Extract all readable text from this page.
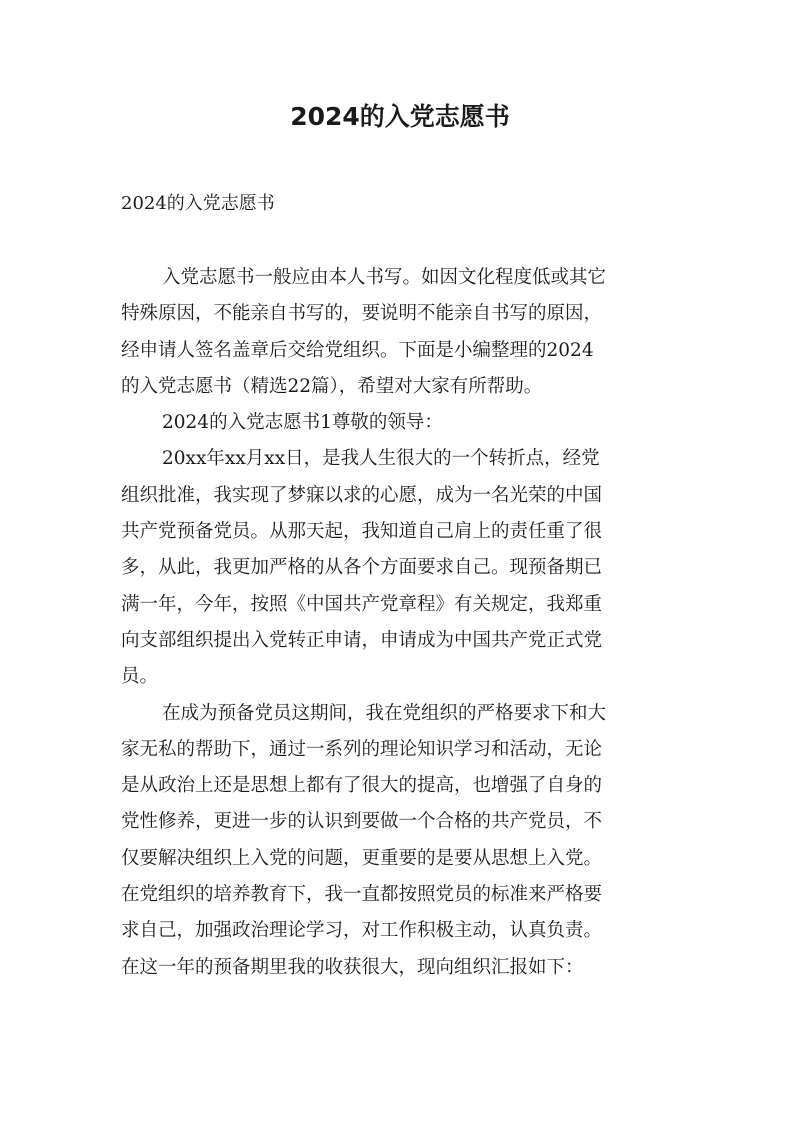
2024的入党志愿书

2024的入党志愿书

入党志愿书一般应由本人书写。如因文化程度低或其它

特殊原因，不能亲自书写的，要说明不能亲自书写的原因，

经申请人签名盖章后交给党组织。下面是小编整理的2024

的入党志愿书（精选22篇），希望对大家有所帮助。

2024的入党志愿书1尊敬的领导：

20xx年xx月xx日，是我人生很大的一个转折点，经党

组织批准，我实现了梦寐以求的心愿，成为一名光荣的中国

共产党预备党员。从那天起，我知道自己肩上的责任重了很

多，从此，我更加严格的从各个方面要求自己。现预备期已

满一年，今年，按照《中国共产党章程》有关规定，我郑重

向支部组织提出入党转正申请，申请成为中国共产党正式党

员。

在成为预备党员这期间，我在党组织的严格要求下和大

家无私的帮助下，通过一系列的理论知识学习和活动，无论

是从政治上还是思想上都有了很大的提高，也增强了自身的

党性修养，更进一步的认识到要做一个合格的共产党员，不

仅要解决组织上入党的问题，更重要的是要从思想上入党。

在党组织的培养教育下，我一直都按照党员的标准来严格要

求自己，加强政治理论学习，对工作积极主动，认真负责。

在这一年的预备期里我的收获很大，现向组织汇报如下：
